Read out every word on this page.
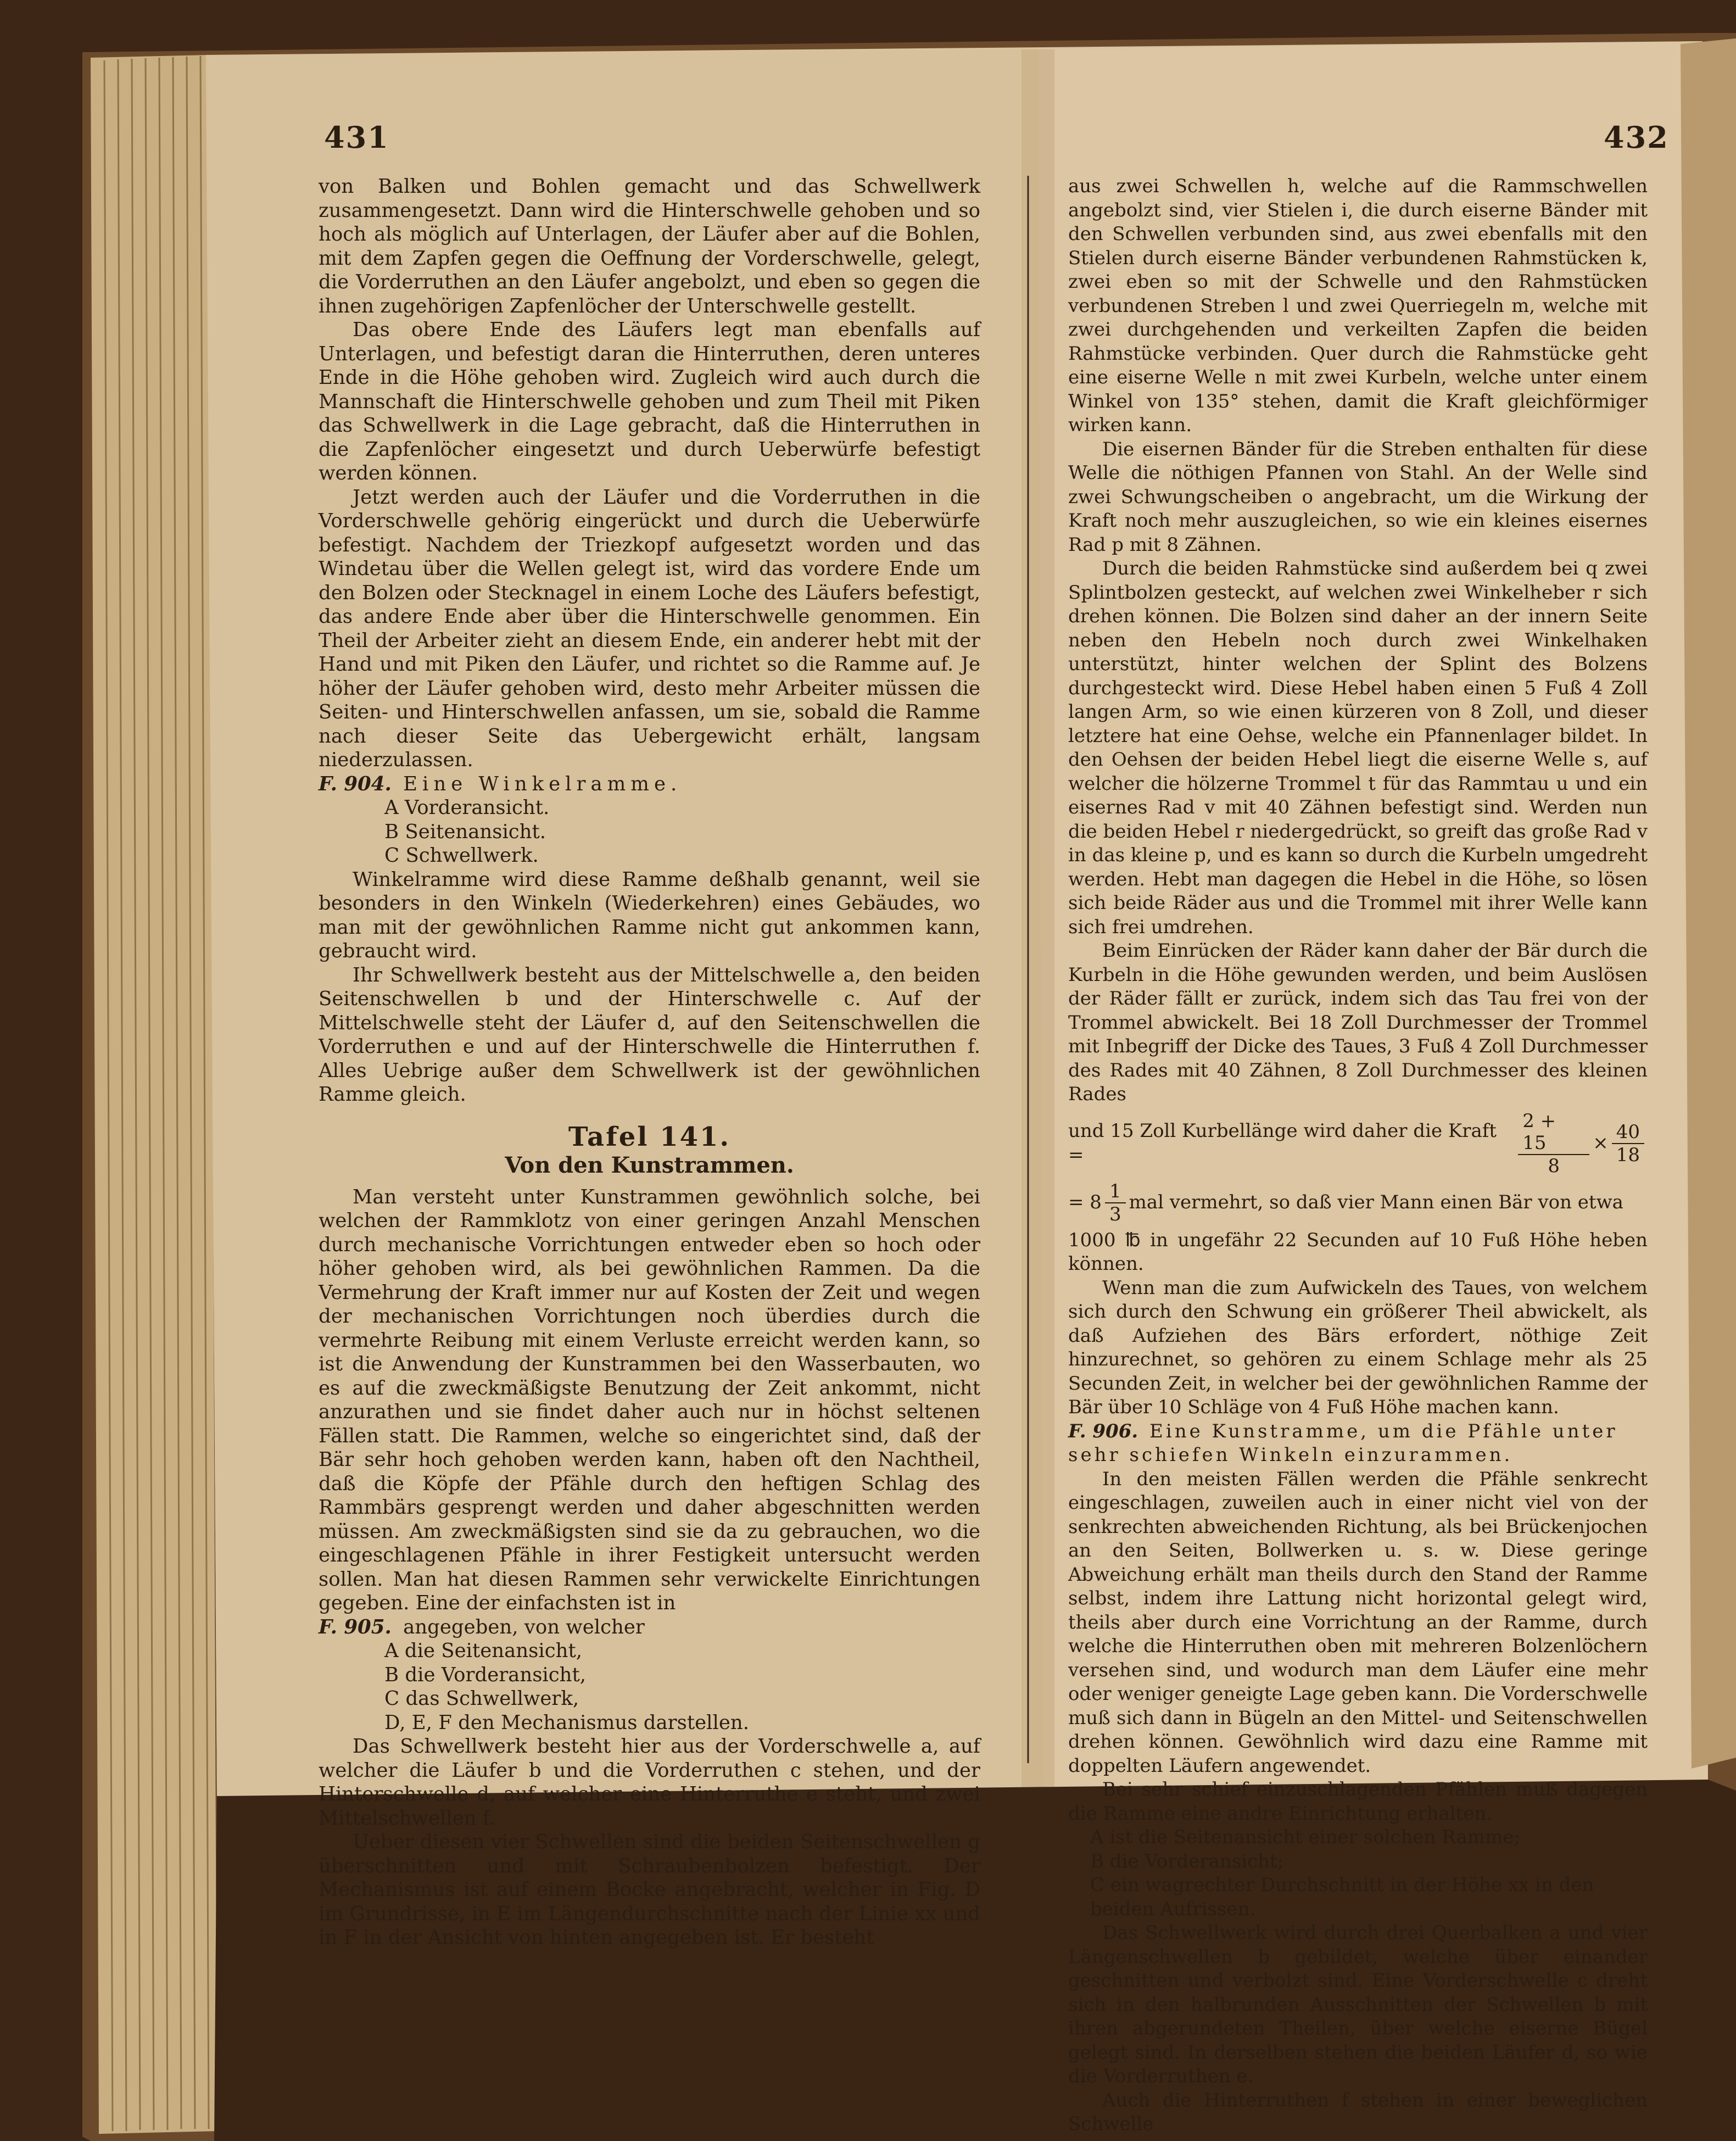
431	432

von Balken und Bohlen gemacht und das Schwellwerk zusammengesetzt. Dann wird die Hinterschwelle gehoben und so hoch als möglich auf Unterlagen, der Läufer aber auf die Bohlen, mit dem Zapfen gegen die Oeffnung der Vorderschwelle, gelegt, die Vorderruthen an den Läufer angebolzt, und eben so gegen die ihnen zugehörigen Zapfenlöcher der Unterschwelle gestellt.

Das obere Ende des Läufers legt man ebenfalls auf Unterlagen, und befestigt daran die Hinterruthen, deren unteres Ende in die Höhe gehoben wird. Zugleich wird auch durch die Mannschaft die Hinterschwelle gehoben und zum Theil mit Piken das Schwellwerk in die Lage gebracht, daß die Hinterruthen in die Zapfenlöcher eingesetzt und durch Ueberwürfe befestigt werden können.

Jetzt werden auch der Läufer und die Vorderruthen in die Vorderschwelle gehörig eingerückt und durch die Ueberwürfe befestigt. Nachdem der Triezkopf aufgesetzt worden und das Windetau über die Wellen gelegt ist, wird das vordere Ende um den Bolzen oder Stecknagel in einem Loche des Läufers befestigt, das andere Ende aber über die Hinterschwelle genommen. Ein Theil der Arbeiter zieht an diesem Ende, ein anderer hebt mit der Hand und mit Piken den Läufer, und richtet so die Ramme auf. Je höher der Läufer gehoben wird, desto mehr Arbeiter müssen die Seiten- und Hinterschwellen anfassen, um sie, sobald die Ramme nach dieser Seite das Uebergewicht erhält, langsam niederzulassen.

F. 904. Eine Winkelramme.
A Vorderansicht.
B Seitenansicht.
C Schwellwerk.

Winkelramme wird diese Ramme deßhalb genannt, weil sie besonders in den Winkeln (Wiederkehren) eines Gebäudes, wo man mit der gewöhnlichen Ramme nicht gut ankommen kann, gebraucht wird.

Ihr Schwellwerk besteht aus der Mittelschwelle a, den beiden Seitenschwellen b und der Hinterschwelle c. Auf der Mittelschwelle steht der Läufer d, auf den Seitenschwellen die Vorderruthen e und auf der Hinterschwelle die Hinterruthen f. Alles Uebrige außer dem Schwellwerk ist der gewöhnlichen Ramme gleich.

Tafel 141.
Von den Kunstrammen.

Man versteht unter Kunstrammen gewöhnlich solche, bei welchen der Rammklotz von einer geringen Anzahl Menschen durch mechanische Vorrichtungen entweder eben so hoch oder höher gehoben wird, als bei gewöhnlichen Rammen. Da die Vermehrung der Kraft immer nur auf Kosten der Zeit und wegen der mechanischen Vorrichtungen noch überdies durch die vermehrte Reibung mit einem Verluste erreicht werden kann, so ist die Anwendung der Kunstrammen bei den Wasserbauten, wo es auf die zweckmäßigste Benutzung der Zeit ankommt, nicht anzurathen und sie findet daher auch nur in höchst seltenen Fällen statt. Die Rammen, welche so eingerichtet sind, daß der Bär sehr hoch gehoben werden kann, haben oft den Nachtheil, daß die Köpfe der Pfähle durch den heftigen Schlag des Rammbärs gesprengt werden und daher abgeschnitten werden müssen. Am zweckmäßigsten sind sie da zu gebrauchen, wo die eingeschlagenen Pfähle in ihrer Festigkeit untersucht werden sollen. Man hat diesen Rammen sehr verwickelte Einrichtungen gegeben. Eine der einfachsten ist in

F. 905. angegeben, von welcher
A die Seitenansicht,
B die Vorderansicht,
C das Schwellwerk,
D, E, F den Mechanismus darstellen.

Das Schwellwerk besteht hier aus der Vorderschwelle a, auf welcher die Läufer b und die Vorderruthen c stehen, und der Hinterschwelle d, auf welcher eine Hinterruthe e steht, und zwei Mittelschwellen f.

Ueber diesen vier Schwellen sind die beiden Seitenschwellen g überschnitten und mit Schraubenbolzen befestigt. Der Mechanismus ist auf einem Bocke angebracht, welcher in Fig. D im Grundrisse, in E im Längendurchschnitte nach der Linie xx und in F in der Ansicht von hinten angegeben ist. Er besteht

aus zwei Schwellen h, welche auf die Rammschwellen angebolzt sind, vier Stielen i, die durch eiserne Bänder mit den Schwellen verbunden sind, aus zwei ebenfalls mit den Stielen durch eiserne Bänder verbundenen Rahmstücken k, zwei eben so mit der Schwelle und den Rahmstücken verbundenen Streben l und zwei Querriegeln m, welche mit zwei durchgehenden und verkeilten Zapfen die beiden Rahmstücke verbinden. Quer durch die Rahmstücke geht eine eiserne Welle n mit zwei Kurbeln, welche unter einem Winkel von 135° stehen, damit die Kraft gleichförmiger wirken kann.

Die eisernen Bänder für die Streben enthalten für diese Welle die nöthigen Pfannen von Stahl. An der Welle sind zwei Schwungscheiben o angebracht, um die Wirkung der Kraft noch mehr auszugleichen, so wie ein kleines eisernes Rad p mit 8 Zähnen.

Durch die beiden Rahmstücke sind außerdem bei q zwei Splintbolzen gesteckt, auf welchen zwei Winkelheber r sich drehen können. Die Bolzen sind daher an der innern Seite neben den Hebeln noch durch zwei Winkelhaken unterstützt, hinter welchen der Splint des Bolzens durchgesteckt wird. Diese Hebel haben einen 5 Fuß 4 Zoll langen Arm, so wie einen kürzeren von 8 Zoll, und dieser letztere hat eine Oehse, welche ein Pfannenlager bildet. In den Oehsen der beiden Hebel liegt die eiserne Welle s, auf welcher die hölzerne Trommel t für das Rammtau u und ein eisernes Rad v mit 40 Zähnen befestigt sind. Werden nun die beiden Hebel r niedergedrückt, so greift das große Rad v in das kleine p, und es kann so durch die Kurbeln umgedreht werden. Hebt man dagegen die Hebel in die Höhe, so lösen sich beide Räder aus und die Trommel mit ihrer Welle kann sich frei umdrehen.

Beim Einrücken der Räder kann daher der Bär durch die Kurbeln in die Höhe gewunden werden, und beim Auslösen der Räder fällt er zurück, indem sich das Tau frei von der Trommel abwickelt. Bei 18 Zoll Durchmesser der Trommel mit Inbegriff der Dicke des Taues, 3 Fuß 4 Zoll Durchmesser des Rades mit 40 Zähnen, 8 Zoll Durchmesser des kleinen Rades

und 15 Zoll Kurbellänge wird daher die Kraft =	$\frac{2 + 15}{8} \times \frac{40}{18}$
= $8 \frac{1}{3}$ mal vermehrt, so daß vier Mann einen Bär von etwa

1000 ℔ in ungefähr 22 Secunden auf 10 Fuß Höhe heben können.

Wenn man die zum Aufwickeln des Taues, von welchem sich durch den Schwung ein größerer Theil abwickelt, als daß Aufziehen des Bärs erfordert, nöthige Zeit hinzurechnet, so gehören zu einem Schlage mehr als 25 Secunden Zeit, in welcher bei der gewöhnlichen Ramme der Bär über 10 Schläge von 4 Fuß Höhe machen kann.

F. 906. Eine Kunstramme, um die Pfähle unter sehr schiefen Winkeln einzurammen.

In den meisten Fällen werden die Pfähle senkrecht eingeschlagen, zuweilen auch in einer nicht viel von der senkrechten abweichenden Richtung, als bei Brückenjochen an den Seiten, Bollwerken u. s. w. Diese geringe Abweichung erhält man theils durch den Stand der Ramme selbst, indem ihre Lattung nicht horizontal gelegt wird, theils aber durch eine Vorrichtung an der Ramme, durch welche die Hinterruthen oben mit mehreren Bolzenlöchern versehen sind, und wodurch man dem Läufer eine mehr oder weniger geneigte Lage geben kann. Die Vorderschwelle muß sich dann in Bügeln an den Mittel- und Seitenschwellen drehen können. Gewöhnlich wird dazu eine Ramme mit doppelten Läufern angewendet.

Bei sehr schief einzuschlagenden Pfählen muß dagegen die Ramme eine andre Einrichtung erhalten.

A ist die Seitenansicht einer solchen Ramme;
B die Vorderansicht;
C ein wagrechter Durchschnitt in der Höhe xx in den beiden Aufrissen.

Das Schwellwerk wird durch drei Querbalken a und vier Längenschwellen b gebildet, welche über einander geschnitten und verbolzt sind. Eine Vorderschwelle c dreht sich in den halbrunden Ausschnitten der Schwellen b mit ihren abgerundeten Theilen, über welche eiserne Bügel gelegt sind. In derselben stehen die beiden Läufer d, so wie die Vorderruthen e.

Auch die Hinterruthen f stehen in einer beweglichen Schwelle
